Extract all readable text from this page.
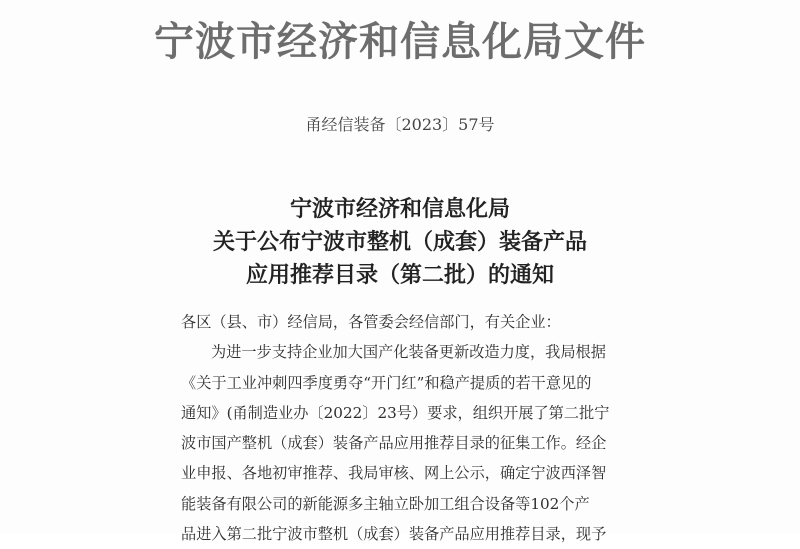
宁波市经济和信息化局文件
甬经信装备〔2023〕57号
宁波市经济和信息化局
关于公布宁波市整机（成套）装备产品
应用推荐目录（第二批）的通知
各区（县、市）经信局，各管委会经信部门，有关企业：
为进一步支持企业加大国产化装备更新改造力度，我局根据
《关于工业冲刺四季度勇夺“开门红”和稳产提质的若干意见的
通知》(甬制造业办〔2022〕23号）要求，组织开展了第二批宁
波市国产整机（成套）装备产品应用推荐目录的征集工作。经企
业申报、各地初审推荐、我局审核、网上公示，确定宁波西泽智
能装备有限公司的新能源多主轴立卧加工组合设备等102个产
品进入第二批宁波市整机（成套）装备产品应用推荐目录，现予
